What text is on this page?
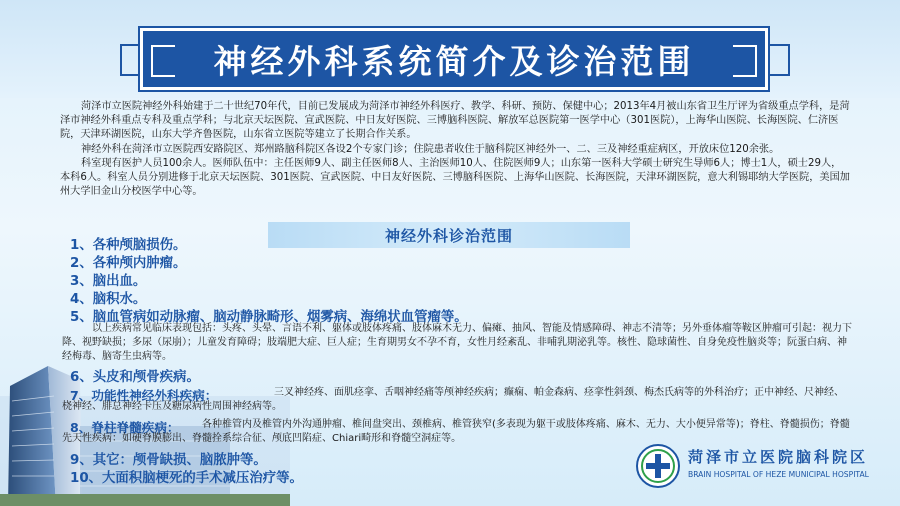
神经外科系统简介及诊治范围

菏泽市立医院神经外科始建于二十世纪70年代，目前已发展成为菏泽市神经外科医疗、教学、科研、预防、保健中心；2013年4月被山东省卫生厅评为省级重点学科，是菏泽市神经外科重点专科及重点学科；与北京天坛医院、宣武医院、中日友好医院、三博脑科医院、解放军总医院第一医学中心（301医院），上海华山医院、长海医院、仁济医院，天津环湖医院，山东大学齐鲁医院，山东省立医院等建立了长期合作关系。

神经外科在菏泽市立医院西安路院区、郑州路脑科院区各设2个专家门诊；住院患者收住于脑科院区神经外一、二、三及神经重症病区，开放床位120余张。

科室现有医护人员100余人。医师队伍中：主任医师9人、副主任医师8人、主治医师10人、住院医师9人；山东第一医科大学硕士研究生导师6人；博士1人，硕士29人，本科6人。科室人员分别进修于北京天坛医院、301医院、宣武医院、中日友好医院、三博脑科医院、上海华山医院、长海医院，天津环湖医院，意大利锡耶纳大学医院，美国加州大学旧金山分校医学中心等。

神经外科诊治范围
1、各种颅脑损伤。
2、各种颅内肿瘤。
3、脑出血。
4、脑积水。
5、脑血管病如动脉瘤、脑动静脉畸形、烟雾病、海绵状血管瘤等。
以上疾病常见临床表现包括：头疼、头晕、言语不利、躯体或肢体疼痛、肢体麻木无力、偏瘫、抽风、智能及情感障碍、神志不清等；另外垂体瘤等鞍区肿瘤可引起：视力下降、视野缺损；多尿（尿崩）；儿童发育障碍；肢端肥大症、巨人症；生育期男女不孕不育，女性月经紊乱、非哺乳期泌乳等。核性、隐球菌性、自身免疫性脑炎等；阮蛋白病、神经梅毒、脑寄生虫病等。
6、头皮和颅骨疾病。
7、功能性神经外科疾病：	三叉神经疼、面肌痉挛、舌咽神经痛等颅神经疾病；癫痫、帕金森病、痉挛性斜颈、梅杰氏病等的外科治疗；正中神经、尺神经、桡神经、腓总神经卡压及糖尿病性周围神经病等。
8、脊柱脊髓疾病：	各种椎管内及椎管内外沟通肿瘤、椎间盘突出、颈椎病、椎管狭窄(多表现为躯干或肢体疼痛、麻木、无力、大小便异常等)；脊柱、脊髓损伤；脊髓先天性疾病：如硬脊膜膨出、脊髓拴系综合征、颅底凹陷症、Chiari畸形和脊髓空洞症等。
9、其它：颅骨缺损、脑脓肿等。
10、大面积脑梗死的手术减压治疗等。
菏泽市立医院脑科院区
BRAIN HOSPITAL OF HEZE MUNICIPAL HOSPITAL
